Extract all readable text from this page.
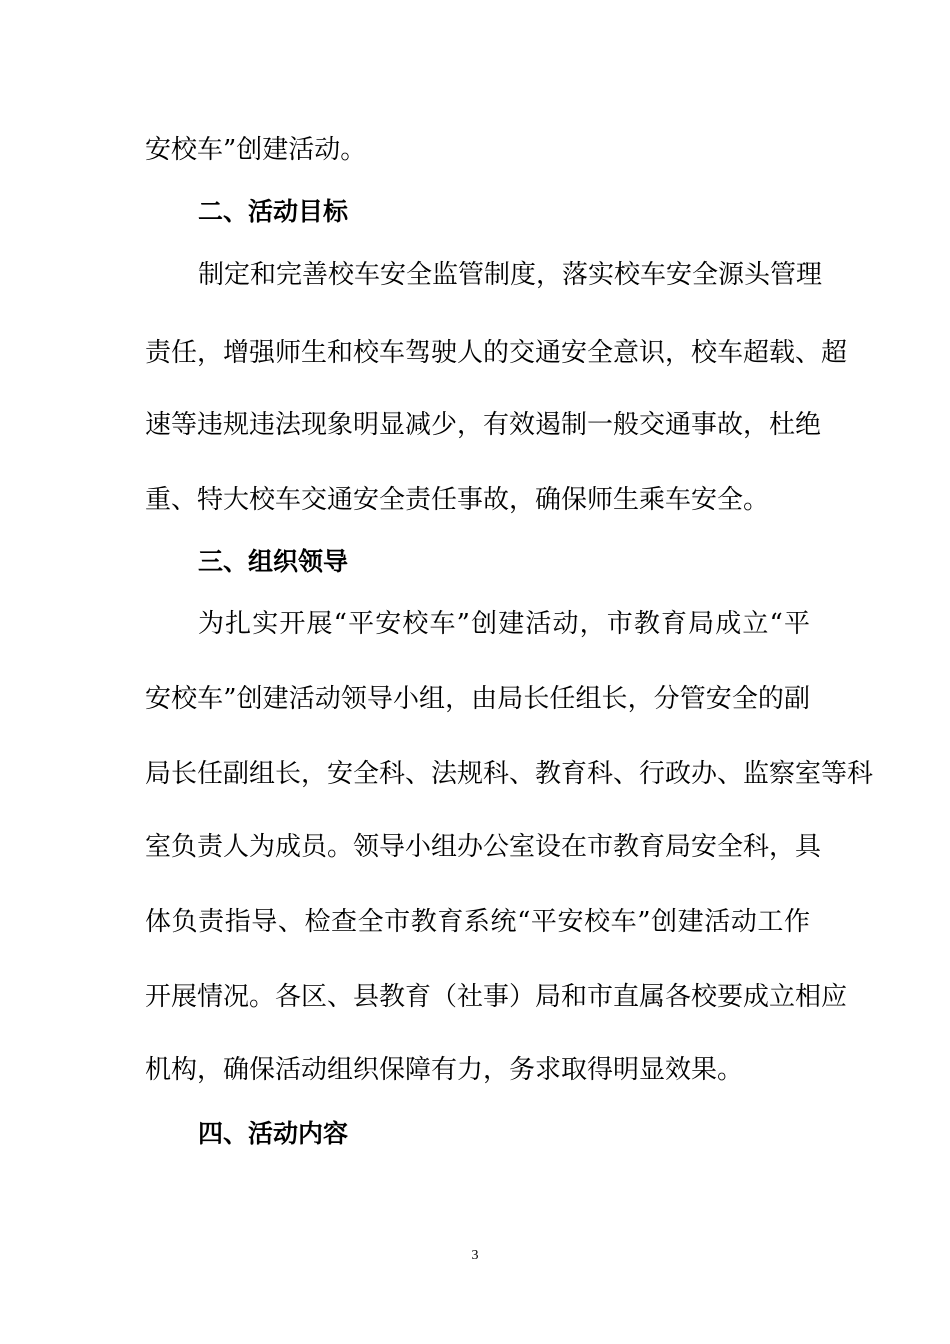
安校车”创建活动。
二、活动目标
制定和完善校车安全监管制度，落实校车安全源头管理
责任，增强师生和校车驾驶人的交通安全意识，校车超载、超
速等违规违法现象明显减少，有效遏制一般交通事故，杜绝
重、特大校车交通安全责任事故，确保师生乘车安全。
三、组织领导
为扎实开展“平安校车”创建活动，市教育局成立“平
安校车”创建活动领导小组，由局长任组长，分管安全的副
局长任副组长，安全科、法规科、教育科、行政办、监察室等科
室负责人为成员。领导小组办公室设在市教育局安全科，具
体负责指导、检查全市教育系统“平安校车”创建活动工作
开展情况。各区、县教育（社事）局和市直属各校要成立相应
机构，确保活动组织保障有力，务求取得明显效果。
四、活动内容
3
